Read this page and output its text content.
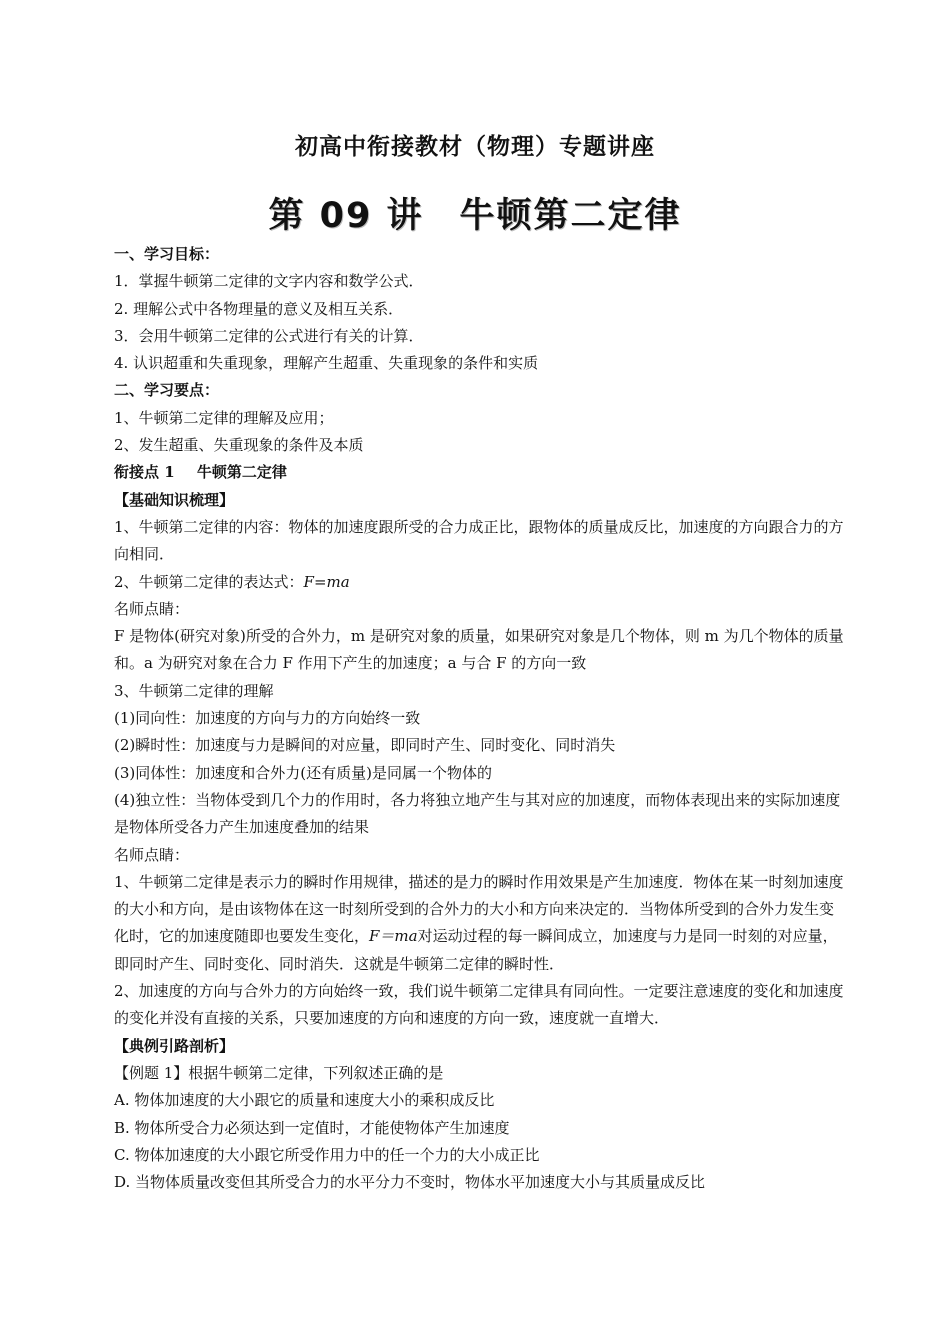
初高中衔接教材（物理）专题讲座
第 09 讲 牛顿第二定律

一、学习目标：

1．掌握牛顿第二定律的文字内容和数学公式．

2. 理解公式中各物理量的意义及相互关系．

3．会用牛顿第二定律的公式进行有关的计算．

4. 认识超重和失重现象，理解产生超重、失重现象的条件和实质

二、学习要点：

1、牛顿第二定律的理解及应用；

2、发生超重、失重现象的条件及本质

衔接点 1 牛顿第二定律

【基础知识梳理】

1、牛顿第二定律的内容：物体的加速度跟所受的合力成正比，跟物体的质量成反比，加速度的方向跟合力的方向相同．

2、牛顿第二定律的表达式：F=ma

名师点睛：

F 是物体(研究对象)所受的合外力，m 是研究对象的质量，如果研究对象是几个物体，则 m 为几个物体的质量和。a 为研究对象在合力 F 作用下产生的加速度；a 与合 F 的方向一致

3、牛顿第二定律的理解

(1)同向性：加速度的方向与力的方向始终一致

(2)瞬时性：加速度与力是瞬间的对应量，即同时产生、同时变化、同时消失

(3)同体性：加速度和合外力(还有质量)是同属一个物体的

(4)独立性：当物体受到几个力的作用时，各力将独立地产生与其对应的加速度，而物体表现出来的实际加速度是物体所受各力产生加速度叠加的结果

名师点睛：

1、牛顿第二定律是表示力的瞬时作用规律，描述的是力的瞬时作用效果是产生加速度．物体在某一时刻加速度的大小和方向，是由该物体在这一时刻所受到的合外力的大小和方向来决定的．当物体所受到的合外力发生变化时，它的加速度随即也要发生变化，F＝ma对运动过程的每一瞬间成立，加速度与力是同一时刻的对应量，即同时产生、同时变化、同时消失．这就是牛顿第二定律的瞬时性．

2、加速度的方向与合外力的方向始终一致，我们说牛顿第二定律具有同向性。一定要注意速度的变化和加速度的变化并没有直接的关系，只要加速度的方向和速度的方向一致，速度就一直增大．

【典例引路剖析】

【例题 1】根据牛顿第二定律，下列叙述正确的是

A. 物体加速度的大小跟它的质量和速度大小的乘积成反比

B. 物体所受合力必须达到一定值时，才能使物体产生加速度

C. 物体加速度的大小跟它所受作用力中的任一个力的大小成正比

D. 当物体质量改变但其所受合力的水平分力不变时，物体水平加速度大小与其质量成反比
